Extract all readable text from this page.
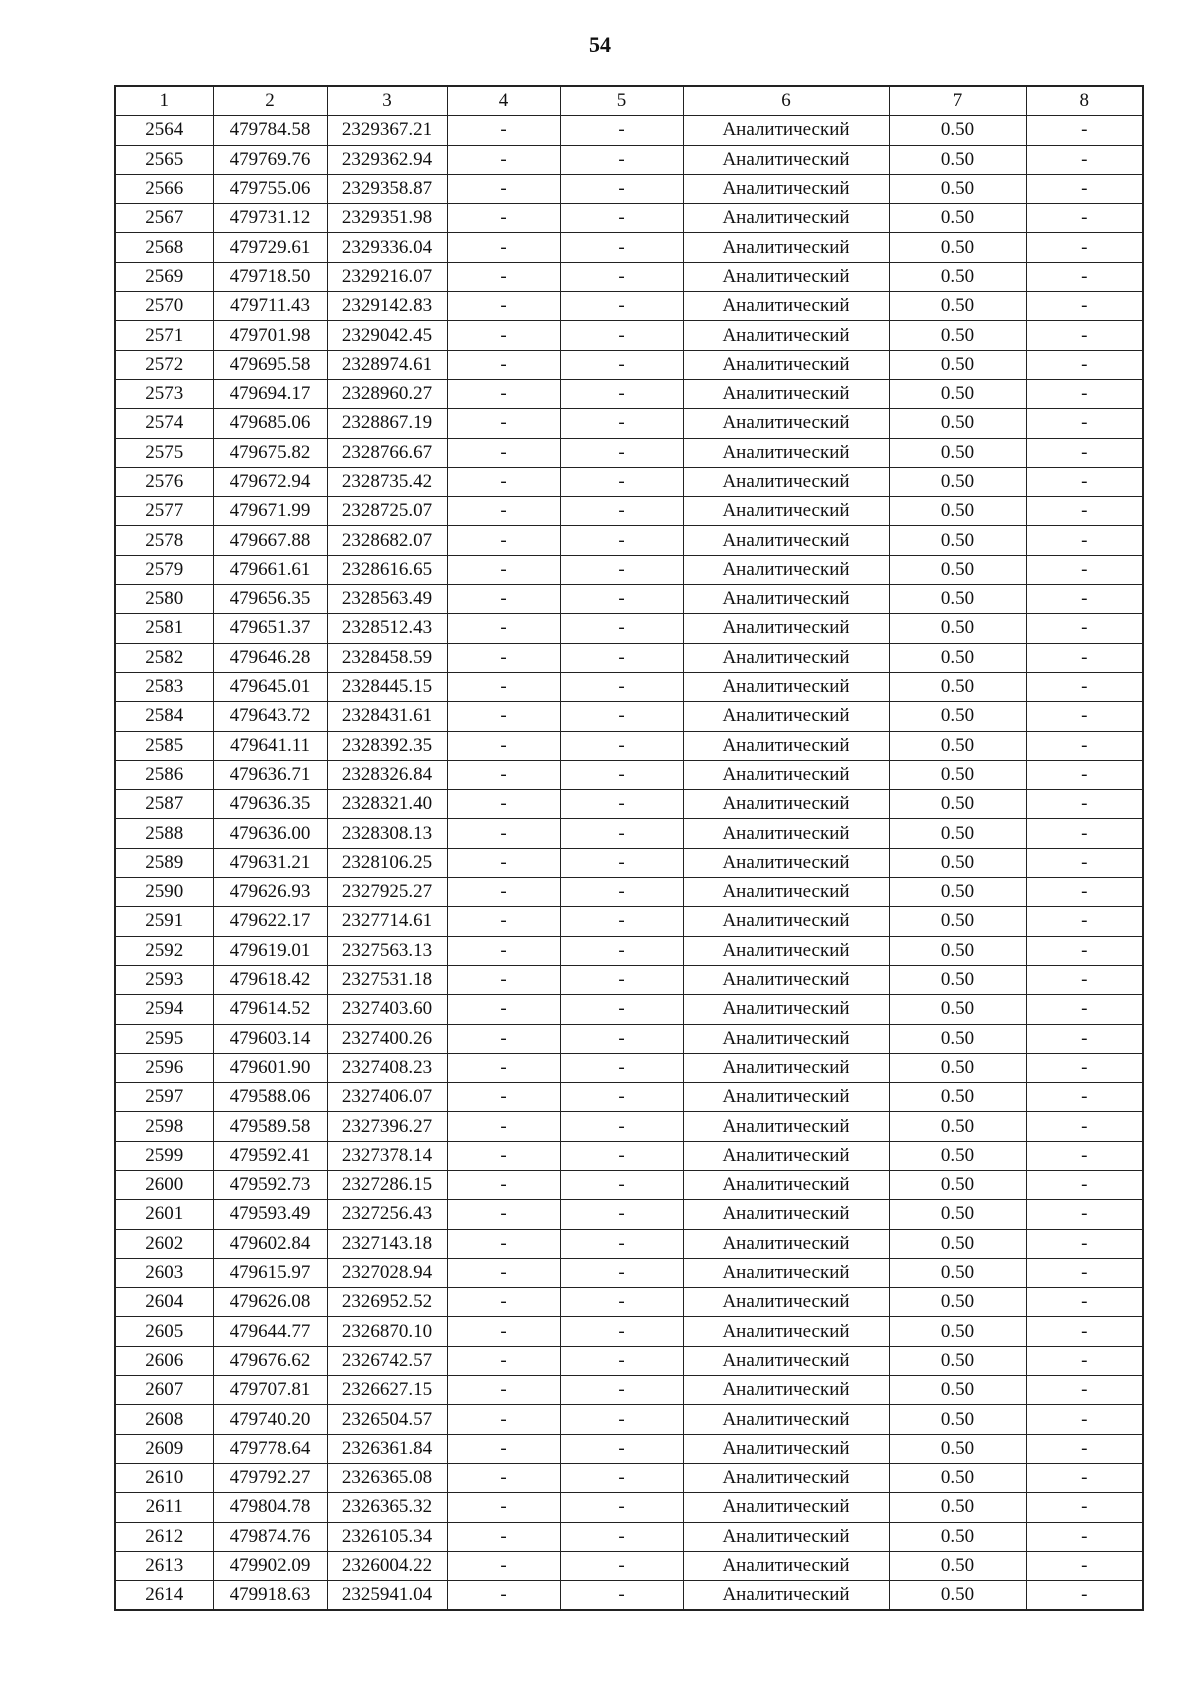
54
1	2	3	4	5	6	7	8
2564	479784.58	2329367.21	-	-	Аналитический	0.50	-
2565	479769.76	2329362.94	-	-	Аналитический	0.50	-
2566	479755.06	2329358.87	-	-	Аналитический	0.50	-
2567	479731.12	2329351.98	-	-	Аналитический	0.50	-
2568	479729.61	2329336.04	-	-	Аналитический	0.50	-
2569	479718.50	2329216.07	-	-	Аналитический	0.50	-
2570	479711.43	2329142.83	-	-	Аналитический	0.50	-
2571	479701.98	2329042.45	-	-	Аналитический	0.50	-
2572	479695.58	2328974.61	-	-	Аналитический	0.50	-
2573	479694.17	2328960.27	-	-	Аналитический	0.50	-
2574	479685.06	2328867.19	-	-	Аналитический	0.50	-
2575	479675.82	2328766.67	-	-	Аналитический	0.50	-
2576	479672.94	2328735.42	-	-	Аналитический	0.50	-
2577	479671.99	2328725.07	-	-	Аналитический	0.50	-
2578	479667.88	2328682.07	-	-	Аналитический	0.50	-
2579	479661.61	2328616.65	-	-	Аналитический	0.50	-
2580	479656.35	2328563.49	-	-	Аналитический	0.50	-
2581	479651.37	2328512.43	-	-	Аналитический	0.50	-
2582	479646.28	2328458.59	-	-	Аналитический	0.50	-
2583	479645.01	2328445.15	-	-	Аналитический	0.50	-
2584	479643.72	2328431.61	-	-	Аналитический	0.50	-
2585	479641.11	2328392.35	-	-	Аналитический	0.50	-
2586	479636.71	2328326.84	-	-	Аналитический	0.50	-
2587	479636.35	2328321.40	-	-	Аналитический	0.50	-
2588	479636.00	2328308.13	-	-	Аналитический	0.50	-
2589	479631.21	2328106.25	-	-	Аналитический	0.50	-
2590	479626.93	2327925.27	-	-	Аналитический	0.50	-
2591	479622.17	2327714.61	-	-	Аналитический	0.50	-
2592	479619.01	2327563.13	-	-	Аналитический	0.50	-
2593	479618.42	2327531.18	-	-	Аналитический	0.50	-
2594	479614.52	2327403.60	-	-	Аналитический	0.50	-
2595	479603.14	2327400.26	-	-	Аналитический	0.50	-
2596	479601.90	2327408.23	-	-	Аналитический	0.50	-
2597	479588.06	2327406.07	-	-	Аналитический	0.50	-
2598	479589.58	2327396.27	-	-	Аналитический	0.50	-
2599	479592.41	2327378.14	-	-	Аналитический	0.50	-
2600	479592.73	2327286.15	-	-	Аналитический	0.50	-
2601	479593.49	2327256.43	-	-	Аналитический	0.50	-
2602	479602.84	2327143.18	-	-	Аналитический	0.50	-
2603	479615.97	2327028.94	-	-	Аналитический	0.50	-
2604	479626.08	2326952.52	-	-	Аналитический	0.50	-
2605	479644.77	2326870.10	-	-	Аналитический	0.50	-
2606	479676.62	2326742.57	-	-	Аналитический	0.50	-
2607	479707.81	2326627.15	-	-	Аналитический	0.50	-
2608	479740.20	2326504.57	-	-	Аналитический	0.50	-
2609	479778.64	2326361.84	-	-	Аналитический	0.50	-
2610	479792.27	2326365.08	-	-	Аналитический	0.50	-
2611	479804.78	2326365.32	-	-	Аналитический	0.50	-
2612	479874.76	2326105.34	-	-	Аналитический	0.50	-
2613	479902.09	2326004.22	-	-	Аналитический	0.50	-
2614	479918.63	2325941.04	-	-	Аналитический	0.50	-
